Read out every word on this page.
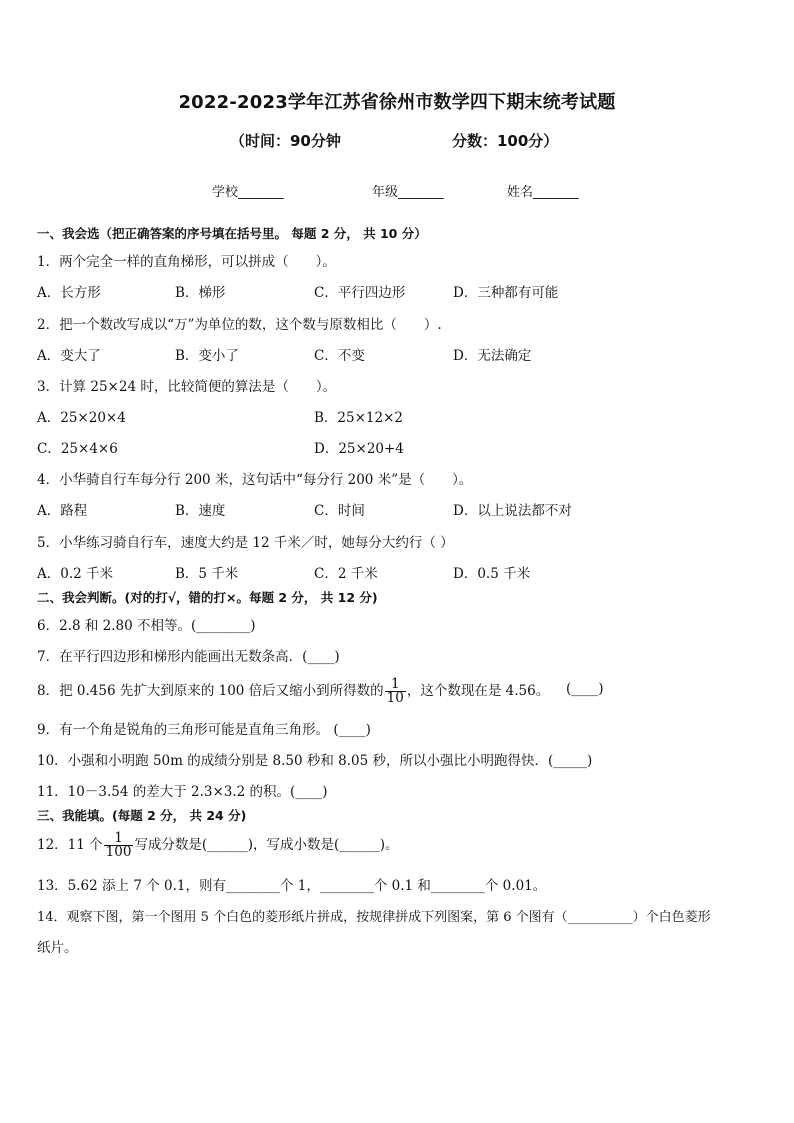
2022-2023学年江苏省徐州市数学四下期末统考试题
（时间：90分钟	分数：100分）
学校_______	年级_______	姓名_______
一、我会选（把正确答案的序号填在括号里。 每题 2 分， 共 10 分）
1．两个完全一样的直角梯形，可以拼成（　　）。
A．长方形	B．梯形	C．平行四边形	D．三种都有可能
2．把一个数改写成以“万”为单位的数，这个数与原数相比（　　）.
A．变大了	B．变小了	C．不变	D．无法确定
3．计算 25×24 时，比较简便的算法是（　　）。
A．25×20×4	B．25×12×2
C．25×4×6	D．25×20+4
4．小华骑自行车每分行 200 米，这句话中“每分行 200 米”是（　　）。
A．路程	B．速度	C．时间	D．以上说法都不对
5．小华练习骑自行车，速度大约是 12 千米／时，她每分大约行（ ）
A．0.2 千米	B．5 千米	C．2 千米	D．0.5 千米
二、我会判断。(对的打√，错的打×。每题 2 分， 共 12 分)
6．2.8 和 2.80 不相等。(________)
7．在平行四边形和梯形内能画出无数条高．(____)
8．把 0.456 先扩大到原来的 100 倍后又缩小到所得数的 $\frac{1}{10}$ ，这个数现在是 4.56。 (____)
9．有一个角是锐角的三角形可能是直角三角形。 (____)
10．小强和小明跑 50m 的成绩分别是 8.50 秒和 8.05 秒，所以小强比小明跑得快．(_____)
11．10－3.54 的差大于 2.3×3.2 的积。(____)
三、我能填。(每题 2 分， 共 24 分)
12．11 个 $\frac{1}{100}$ 写成分数是(______)，写成小数是(______)。
13．5.62 添上 7 个 0.1，则有________个 1，________个 0.1 和________个 0.01。
14．观察下图，第一个图用 5 个白色的菱形纸片拼成，按规律拼成下列图案，第 6 个图有（__________）个白色菱形
纸片。
